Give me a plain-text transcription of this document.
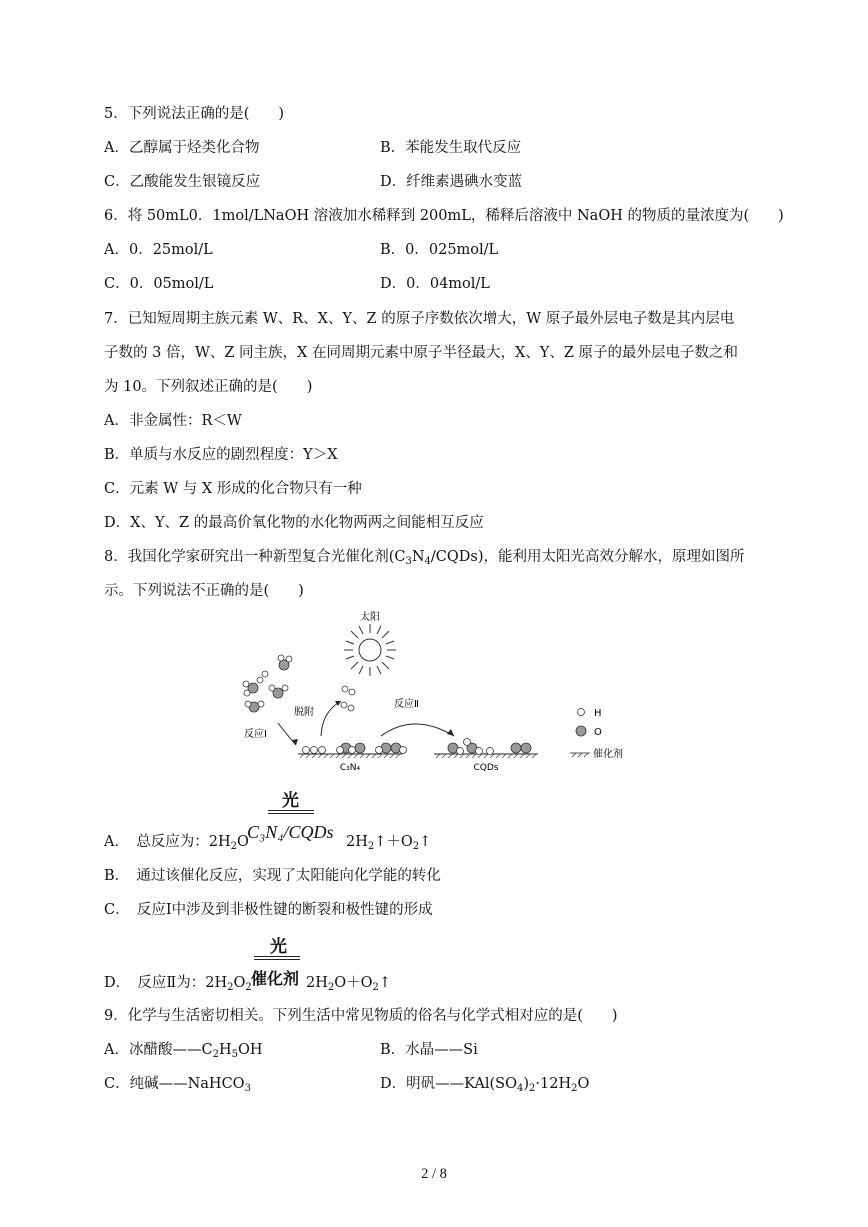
5．下列说法正确的是(　　)
A．乙醇属于烃类化合物	B．苯能发生取代反应
C．乙酸能发生银镜反应	D．纤维素遇碘水变蓝
6．将 50mL0．1mol/LNaOH 溶液加水稀释到 200mL，稀释后溶液中 NaOH 的物质的量浓度为(　　)
A．0．25mol/L	B．0．025mol/L
C．0．05mol/L	D．0．04mol/L
7．已知短周期主族元素 W、R、X、Y、Z 的原子序数依次增大，W 原子最外层电子数是其内层电
子数的 3 倍，W、Z 同主族，X 在同周期元素中原子半径最大，X、Y、Z 原子的最外层电子数之和
为 10。下列叙述正确的是(　　)
A．非金属性：R＜W
B．单质与水反应的剧烈程度：Y＞X
C．元素 W 与 X 形成的化合物只有一种
D．X、Y、Z 的最高价氧化物的水化物两两之间能相互反应
8．我国化学家研究出一种新型复合光催化剂$(C_3N_4/CQDs)$，能利用太阳光高效分解水，原理如图所
示。下列说法不正确的是(　　)
太阳
反应Ⅰ
脱附
反应Ⅱ
C₃N₄	CQDs
H
O
催化剂
光
A．　总反应为：$2H_2O$
C₃N₄/CQDs $2H_2↑+O_2↑$
B．　通过该催化反应，实现了太阳能向化学能的转化
C．　反应Ⅰ中涉及到非极性键的断裂和极性键的形成
光
D．　反应Ⅱ为：$2H_2O_2$ 催化剂 $2H_2O+O_2↑$
9．化学与生活密切相关。下列生活中常见物质的俗名与化学式相对应的是(　　)
A．冰醋酸$——C_2H_5OH$	B．水晶——Si
C．纯碱——NaHCO$_3$	D．明矾$——KAl(SO_4)_2\cdot 12H_2O$
2 / 8
